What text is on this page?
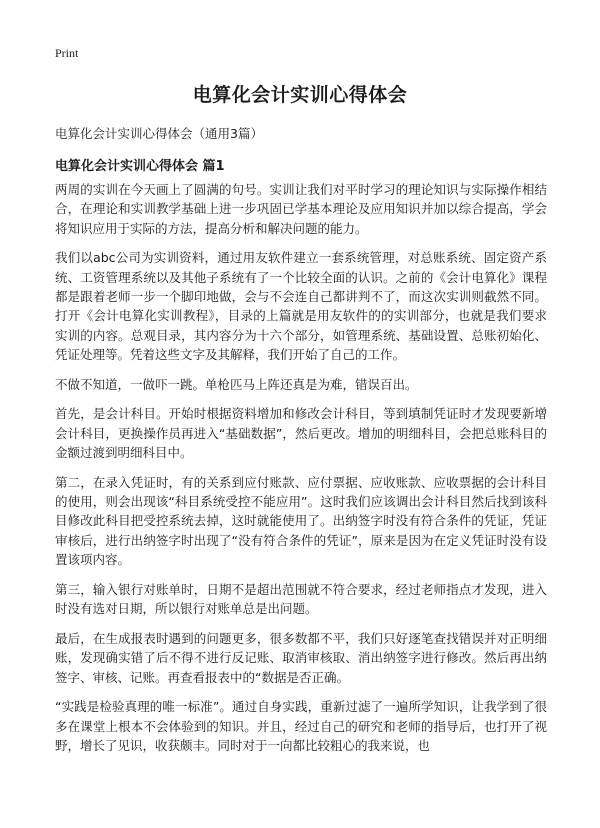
Print
电算化会计实训心得体会

电算化会计实训心得体会（通用3篇）

电算化会计实训心得体会 篇1

两周的实训在今天画上了圆满的句号。实训让我们对平时学习的理论知识与实际操作相结合，在理论和实训教学基础上进一步巩固已学基本理论及应用知识并加以综合提高，学会将知识应用于实际的方法，提高分析和解决问题的能力。

我们以abc公司为实训资料，通过用友软件建立一套系统管理，对总账系统、固定资产系统、工资管理系统以及其他子系统有了一个比较全面的认识。之前的《会计电算化》课程都是跟着老师一步一个脚印地做，会与不会连自己都讲判不了，而这次实训则截然不同。打开《会计电算化实训教程》，目录的上篇就是用友软件的的实训部分，也就是我们要求实训的内容。总观目录，其内容分为十六个部分，如管理系统、基础设置、总账初始化、凭证处理等。凭着这些文字及其解释，我们开始了自己的工作。

不做不知道，一做吓一跳。单枪匹马上阵还真是为难，错误百出。

首先，是会计科目。开始时根据资料增加和修改会计科目，等到填制凭证时才发现要新增会计科目，更换操作员再进入“基础数据”，然后更改。增加的明细科目，会把总账科目的金额过渡到明细科目中。

第二，在录入凭证时，有的关系到应付账款、应付票据、应收账款、应收票据的会计科目的使用，则会出现该“科目系统受控不能应用”。这时我们应该调出会计科目然后找到该科目修改此科目把受控系统去掉，这时就能使用了。出纳签字时没有符合条件的凭证，凭证审核后，进行出纳签字时出现了“没有符合条件的凭证”，原来是因为在定义凭证时没有设置该项内容。

第三，输入银行对账单时，日期不是超出范围就不符合要求，经过老师指点才发现，进入时没有选对日期，所以银行对账单总是出问题。

最后，在生成报表时遇到的问题更多，很多数都不平，我们只好逐笔查找错误并对正明细账，发现确实错了后不得不进行反记账、取消审核取、消出纳签字进行修改。然后再出纳签字、审核、记账。再查看报表中的“数据是否正确。

“实践是检验真理的唯一标准”。通过自身实践，重新过滤了一遍所学知识，让我学到了很多在课堂上根本不会体验到的知识。并且，经过自己的研究和老师的指导后，也打开了视野，增长了见识，收获颇丰。同时对于一向都比较粗心的我来说，也
